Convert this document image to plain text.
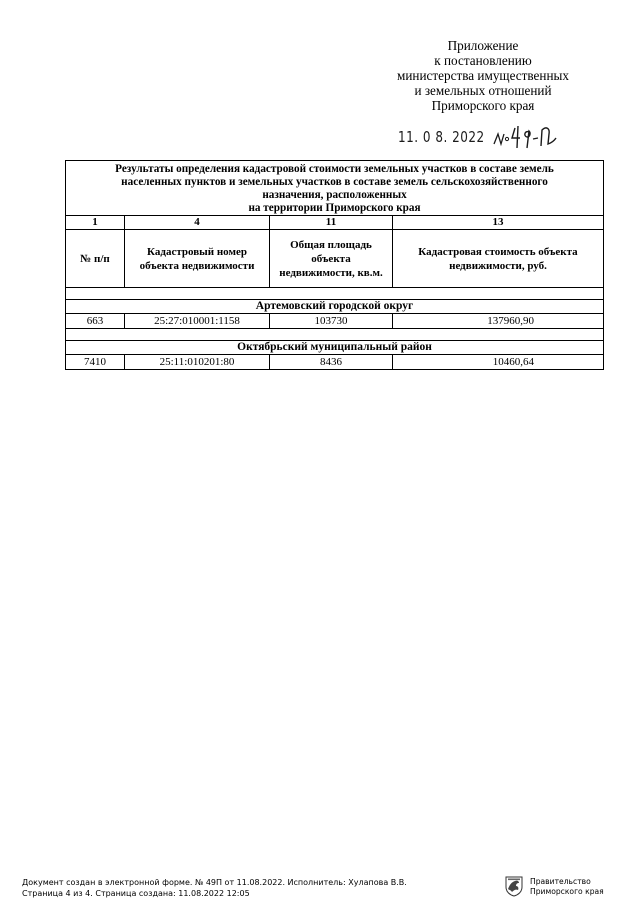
Приложение
к постановлению
министерства имущественных
и земельных отношений
Приморского края
11. 0 8. 2022
Результаты определения кадастровой стоимости земельных участков в составе земель
населенных пунктов и земельных участков в составе земель сельскохозяйственного
назначения, расположенных
на территории Приморского края			

1	4	11	13
№ п/п	Кадастровый номер объекта недвижимости	Общая площадь объекта недвижимости, кв.м.	Кадастровая стоимость объекта недвижимости, руб.

Артемовский городской округ			
663	25:27:010001:1158	103730	137960,90

Октябрьский муниципальный район			
7410	25:11:010201:80	8436	10460,64
Документ создан в электронной форме. № 49П от 11.08.2022. Исполнитель: Хулапова В.В.
Страница 4 из 4. Страница создана: 11.08.2022 12:05
Правительство
Приморского края
